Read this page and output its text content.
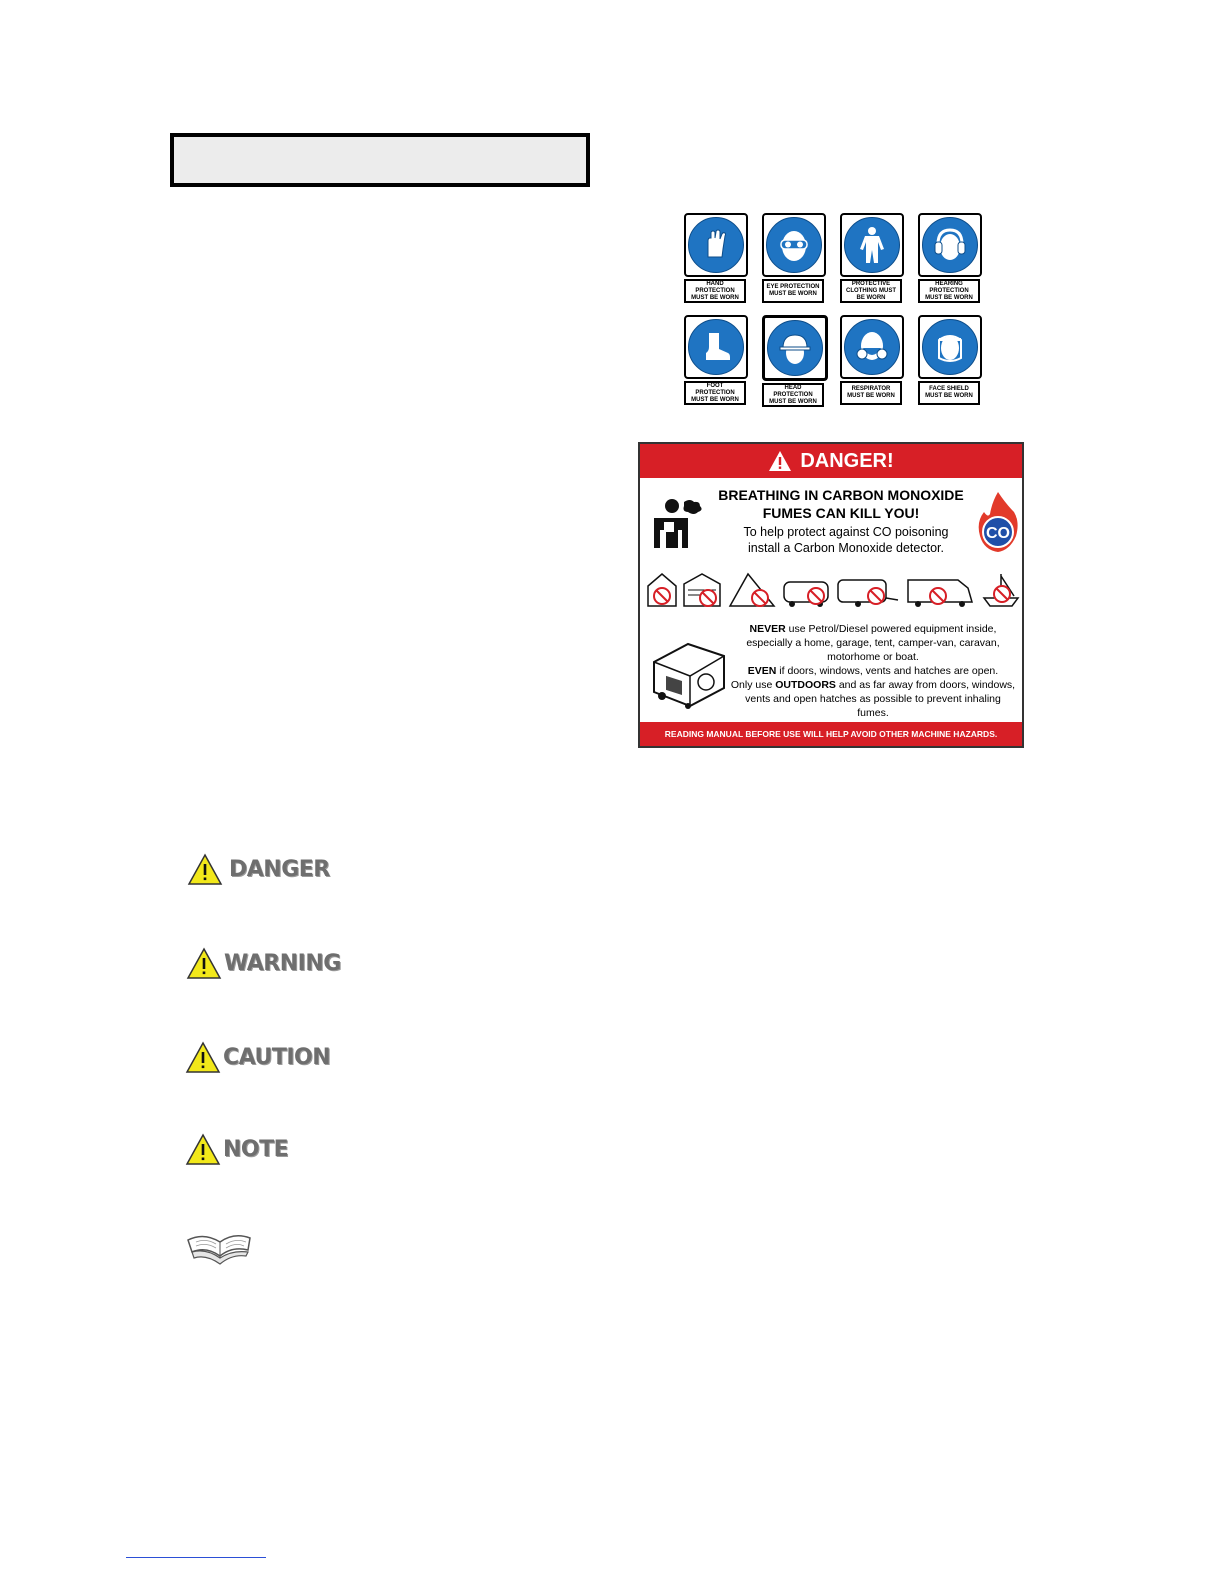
HAND PROTECTION MUST BE WORN
EYE PROTECTION MUST BE WORN
PROTECTIVE CLOTHING MUST BE WORN
HEARING PROTECTION MUST BE WORN
FOOT PROTECTION MUST BE WORN
HEAD PROTECTION MUST BE WORN
RESPIRATOR MUST BE WORN
FACE SHIELD MUST BE WORN
DANGER!
BREATHING IN CARBON MONOXIDE
FUMES CAN KILL YOU!
To help protect against CO poisoning
install a Carbon Monoxide detector.
CO
NEVER use Petrol/Diesel powered equipment inside, especially a home, garage, tent, camper-van, caravan, motorhome or boat.
EVEN if doors, windows, vents and hatches are open.
Only use OUTDOORS and as far away from doors, windows, vents and open hatches as possible to prevent inhaling fumes.
READING MANUAL BEFORE USE WILL HELP AVOID OTHER MACHINE HAZARDS.
DANGER
WARNING
CAUTION
NOTE
